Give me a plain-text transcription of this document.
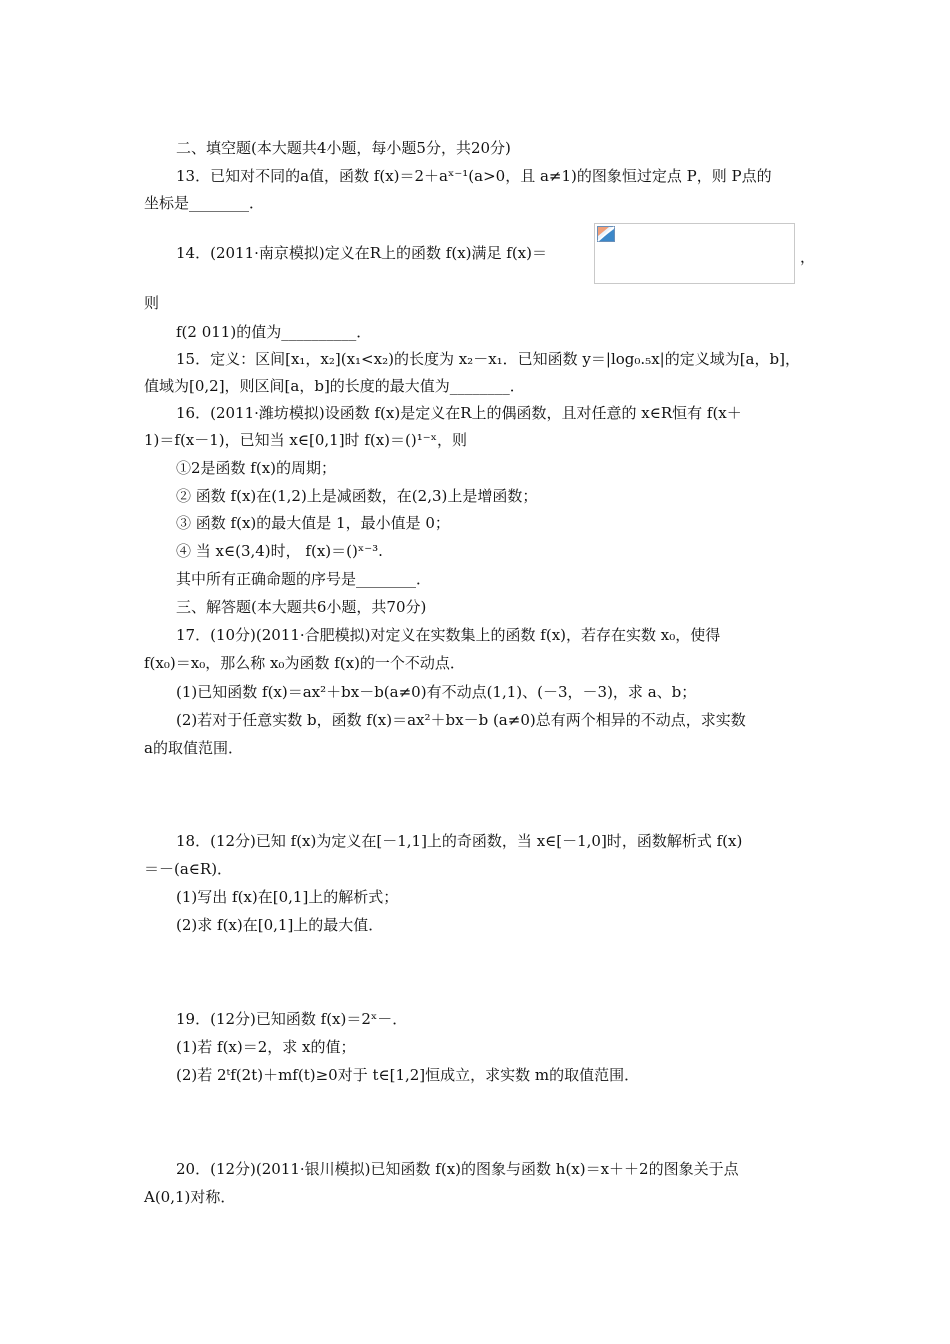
二、填空题(本大题共4小题，每小题5分，共20分)
13．已知对不同的a值，函数 f(x)＝2＋aˣ⁻¹(a>0，且 a≠1)的图象恒过定点 P，则 P点的
坐标是________．
14．(2011·南京模拟)定义在R上的函数 f(x)满足 f(x)＝
则
f(2 011)的值为__________．
15．定义：区间[x₁，x₂](x₁<x₂)的长度为 x₂－x₁．已知函数 y＝|log₀.₅x|的定义域为[a，b]，
值域为[0,2]，则区间[a，b]的长度的最大值为________．
16．(2011·潍坊模拟)设函数 f(x)是定义在R上的偶函数，且对任意的 x∈R恒有 f(x＋
1)＝f(x－1)，已知当 x∈[0,1]时 f(x)＝()¹⁻ˣ，则
①2是函数 f(x)的周期；
② 函数 f(x)在(1,2)上是减函数，在(2,3)上是增函数；
③ 函数 f(x)的最大值是 1，最小值是 0；
④ 当 x∈(3,4)时， f(x)＝()ˣ⁻³.
其中所有正确命题的序号是________．
三、解答题(本大题共6小题，共70分)
17．(10分)(2011·合肥模拟)对定义在实数集上的函数 f(x)，若存在实数 x₀，使得
f(x₀)＝x₀，那么称 x₀为函数 f(x)的一个不动点．
(1)已知函数 f(x)＝ax²＋bx－b(a≠0)有不动点(1,1)、(－3，－3)，求 a、b；
(2)若对于任意实数 b，函数 f(x)＝ax²＋bx－b (a≠0)总有两个相异的不动点，求实数
a的取值范围．
18．(12分)已知 f(x)为定义在[－1,1]上的奇函数，当 x∈[－1,0]时，函数解析式 f(x)
＝－(a∈R)．
(1)写出 f(x)在[0,1]上的解析式；
(2)求 f(x)在[0,1]上的最大值．
19．(12分)已知函数 f(x)＝2ˣ－．
(1)若 f(x)＝2，求 x的值；
(2)若 2ᵗf(2t)＋mf(t)≥0对于 t∈[1,2]恒成立，求实数 m的取值范围．
20．(12分)(2011·银川模拟)已知函数 f(x)的图象与函数 h(x)＝x＋＋2的图象关于点
A(0,1)对称．
，
